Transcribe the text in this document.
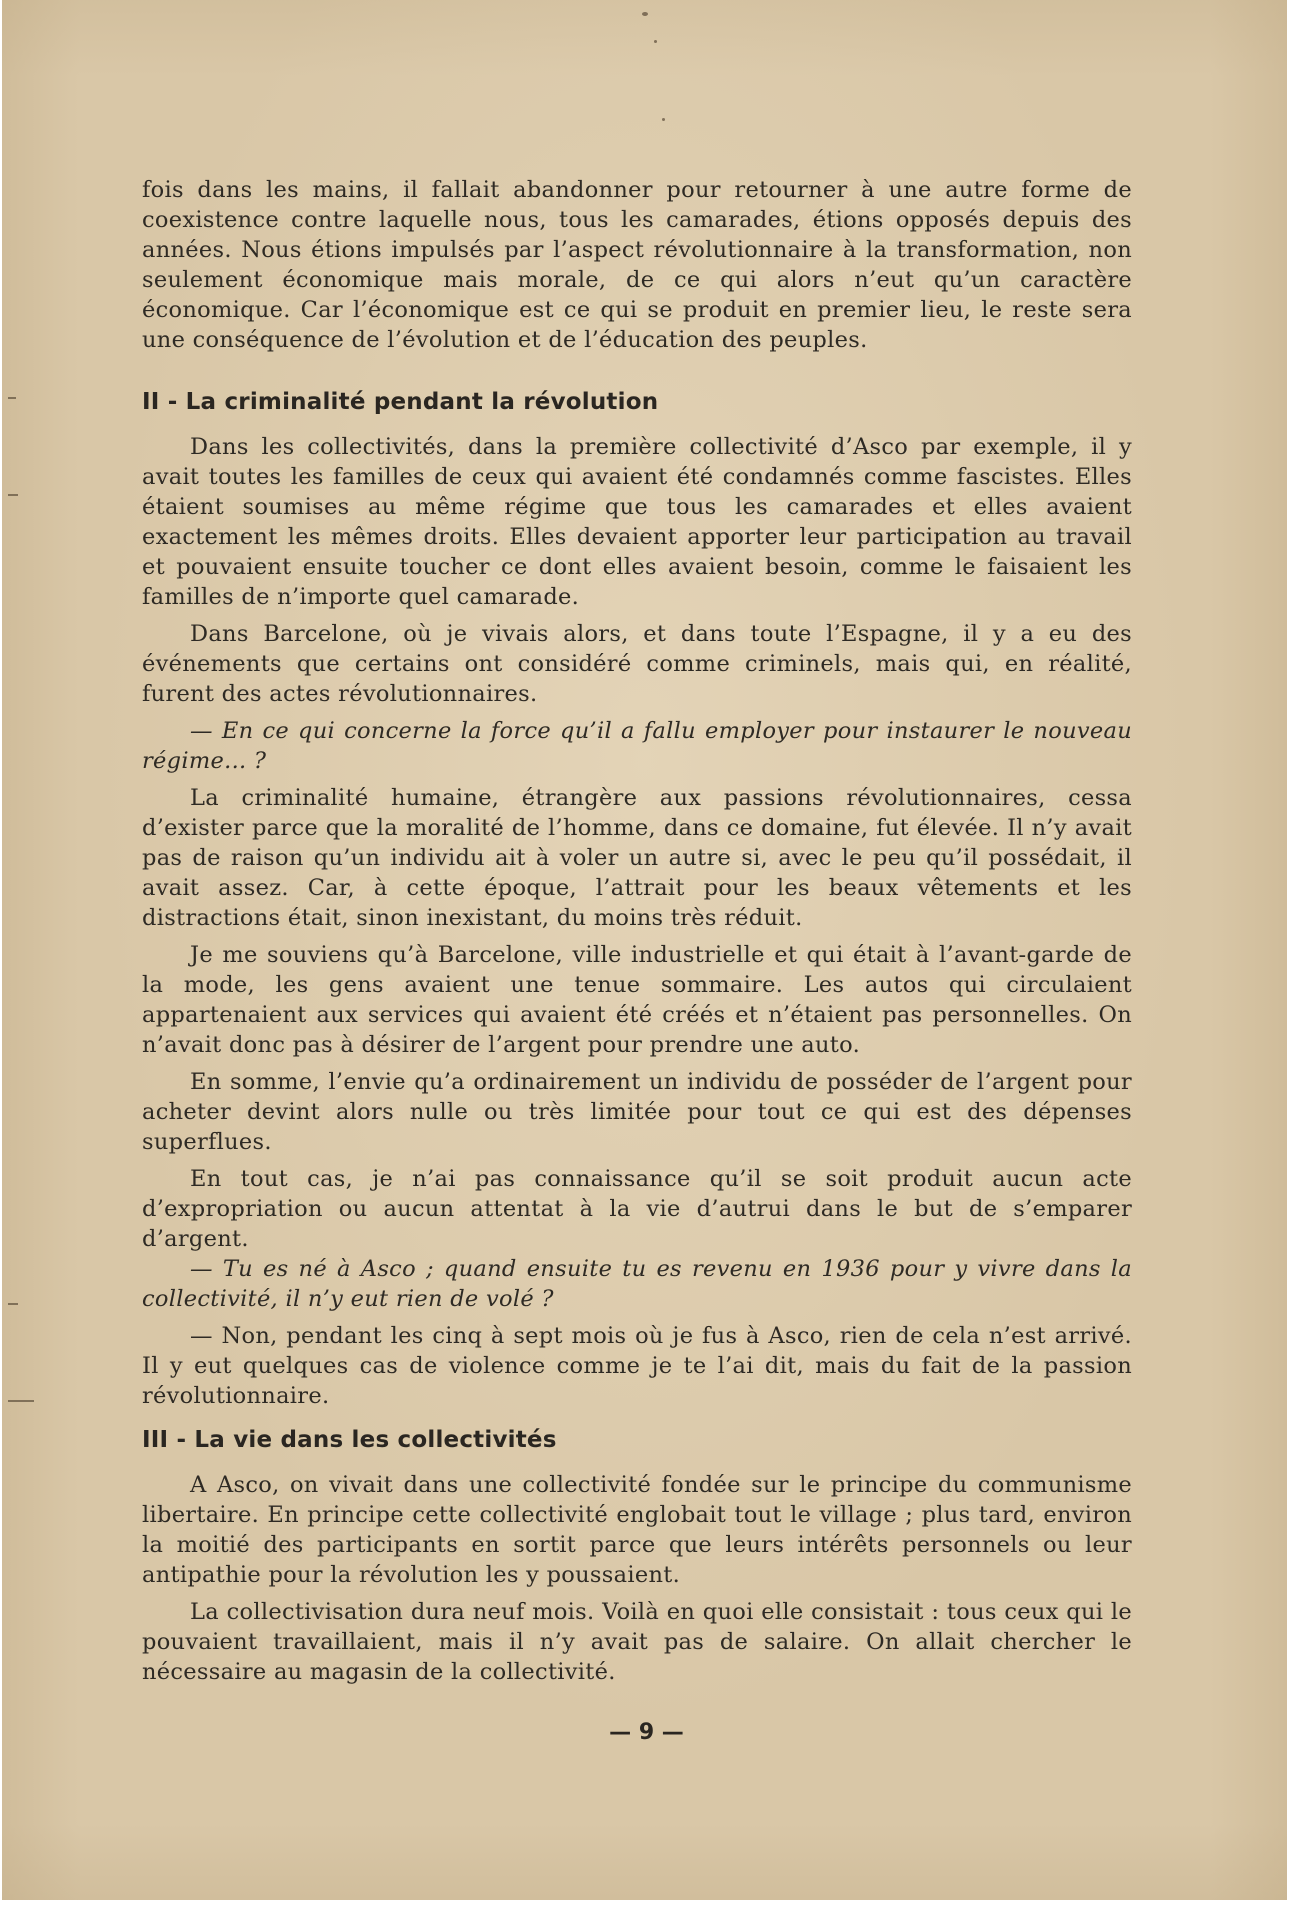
fois dans les mains, il fallait abandonner pour retourner à une autre forme de coexistence contre laquelle nous, tous les camarades, étions opposés depuis des années. Nous étions impulsés par l’aspect révolutionnaire à la transformation, non seulement économique mais morale, de ce qui alors n’eut qu’un caractère économique. Car l’économique est ce qui se produit en premier lieu, le reste sera une conséquence de l’évolution et de l’éducation des peuples.

II - La criminalité pendant la révolution

Dans les collectivités, dans la première collectivité d’Asco par exemple, il y avait toutes les familles de ceux qui avaient été condamnés comme fascistes. Elles étaient soumises au même régime que tous les camarades et elles avaient exactement les mêmes droits. Elles devaient apporter leur participation au travail et pouvaient ensuite toucher ce dont elles avaient besoin, comme le faisaient les familles de n’importe quel camarade.

Dans Barcelone, où je vivais alors, et dans toute l’Espagne, il y a eu des événements que certains ont considéré comme criminels, mais qui, en réalité, furent des actes révolutionnaires.

— En ce qui concerne la force qu’il a fallu employer pour instaurer le nouveau régime... ?

La criminalité humaine, étrangère aux passions révolutionnaires, cessa d’exister parce que la moralité de l’homme, dans ce domaine, fut élevée. Il n’y avait pas de raison qu’un individu ait à voler un autre si, avec le peu qu’il possédait, il avait assez. Car, à cette époque, l’attrait pour les beaux vêtements et les distractions était, sinon inexistant, du moins très réduit.

Je me souviens qu’à Barcelone, ville industrielle et qui était à l’avant-garde de la mode, les gens avaient une tenue sommaire. Les autos qui circulaient appartenaient aux services qui avaient été créés et n’étaient pas personnelles. On n’avait donc pas à désirer de l’argent pour prendre une auto.

En somme, l’envie qu’a ordinairement un individu de posséder de l’argent pour acheter devint alors nulle ou très limitée pour tout ce qui est des dépenses superflues.

En tout cas, je n’ai pas connaissance qu’il se soit produit aucun acte d’expropriation ou aucun attentat à la vie d’autrui dans le but de s’emparer d’argent.

— Tu es né à Asco ; quand ensuite tu es revenu en 1936 pour y vivre dans la collectivité, il n’y eut rien de volé ?

— Non, pendant les cinq à sept mois où je fus à Asco, rien de cela n’est arrivé. Il y eut quelques cas de violence comme je te l’ai dit, mais du fait de la passion révolutionnaire.

III - La vie dans les collectivités

A Asco, on vivait dans une collectivité fondée sur le principe du communisme libertaire. En principe cette collectivité englobait tout le village ; plus tard, environ la moitié des participants en sortit parce que leurs intérêts personnels ou leur antipathie pour la révolution les y poussaient.

La collectivisation dura neuf mois. Voilà en quoi elle consistait : tous ceux qui le pouvaient travaillaient, mais il n’y avait pas de salaire. On allait chercher le nécessaire au magasin de la collectivité.

— 9 —
